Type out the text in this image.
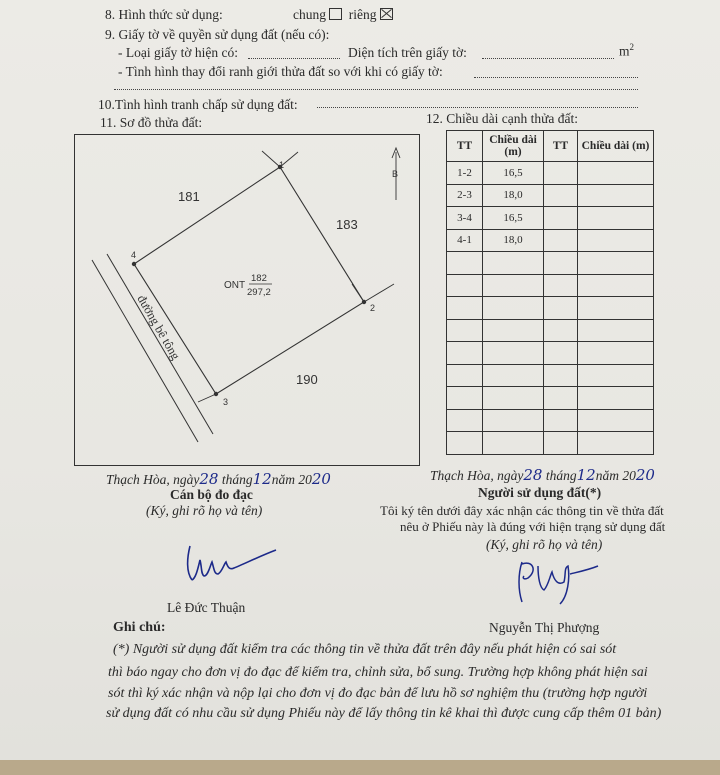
8. Hình thức sử dụng:	chung riêng
9. Giấy tờ về quyền sử dụng đất (nếu có):
- Loại giấy tờ hiện có:	Diện tích trên giấy tờ:	$m^2$
- Tình hình thay đổi ranh giới thửa đất so với khi có giấy tờ:
10.Tình hình tranh chấp sử dụng đất:
11. Sơ đồ thửa đất:	12. Chiều dài cạnh thửa đất:
B
1
2
3
4
181
183
190
ONT
182
297,2
đường bê tông
TT	Chiều dài (m)	TT	Chiều dài (m)
1-2	16,5		
2-3	18,0		
3-4	16,5		
4-1	18,0		

Thạch Hòa, ngày28 tháng12năm 2020
Cán bộ đo đạc
(Ký, ghi rõ họ và tên)
Lê Đức Thuận
Thạch Hòa, ngày28 tháng12năm 2020
Người sử dụng đất(*)
Tôi ký tên dưới đây xác nhận các thông tin về thửa đất
nêu ở Phiếu này là đúng với hiện trạng sử dụng đất
(Ký, ghi rõ họ và tên)
Nguyễn Thị Phượng
Ghi chú:
(*) Người sử dụng đất kiểm tra các thông tin về thửa đất trên đây nếu phát hiện có sai sót
thì báo ngay cho đơn vị đo đạc để kiểm tra, chỉnh sửa, bổ sung. Trường hợp không phát hiện sai
sót thì ký xác nhận và nộp lại cho đơn vị đo đạc bản để lưu hồ sơ nghiệm thu (trường hợp người
sử dụng đất có nhu cầu sử dụng Phiếu này để lấy thông tin kê khai thì được cung cấp thêm 01 bản)
